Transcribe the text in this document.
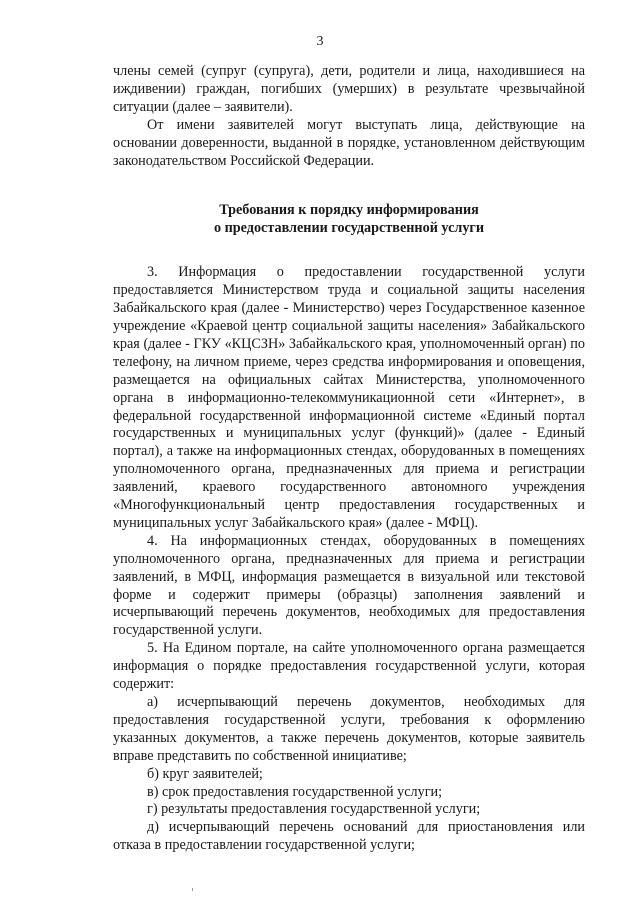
3

члены семей (супруг (супруга), дети, родители и лица, находившиеся на иждивении) граждан, погибших (умерших) в результате чрезвычайной ситуации (далее – заявители).

От имени заявителей могут выступать лица, действующие на основании доверенности, выданной в порядке, установленном действующим законодательством Российской Федерации.

Требования к порядку информирования
о предоставлении государственной услуги

3. Информация о предоставлении государственной услуги предоставляется Министерством труда и социальной защиты населения Забайкальского края (далее - Министерство) через Государственное казенное учреждение «Краевой центр социальной защиты населения» Забайкальского края (далее - ГКУ «КЦСЗН» Забайкальского края, уполномоченный орган) по телефону, на личном приеме, через средства информирования и оповещения, размещается на официальных сайтах Министерства, уполномоченного органа в информационно-телекоммуникационной сети «Интернет», в федеральной государственной информационной системе «Единый портал государственных и муниципальных услуг (функций)» (далее - Единый портал), а также на информационных стендах, оборудованных в помещениях уполномоченного органа, предназначенных для приема и регистрации заявлений, краевого государственного автономного учреждения «Многофункциональный центр предоставления государственных и муниципальных услуг Забайкальского края» (далее - МФЦ).

4. На информационных стендах, оборудованных в помещениях уполномоченного органа, предназначенных для приема и регистрации заявлений, в МФЦ, информация размещается в визуальной или текстовой форме и содержит примеры (образцы) заполнения заявлений и исчерпывающий перечень документов, необходимых для предоставления государственной услуги.

5. На Едином портале, на сайте уполномоченного органа размещается информация о порядке предоставления государственной услуги, которая содержит:

а) исчерпывающий перечень документов, необходимых для предоставления государственной услуги, требования к оформлению указанных документов, а также перечень документов, которые заявитель вправе представить по собственной инициативе;

б) круг заявителей;

в) срок предоставления государственной услуги;

г) результаты предоставления государственной услуги;

д) исчерпывающий перечень оснований для приостановления или отказа в предоставлении государственной услуги;
